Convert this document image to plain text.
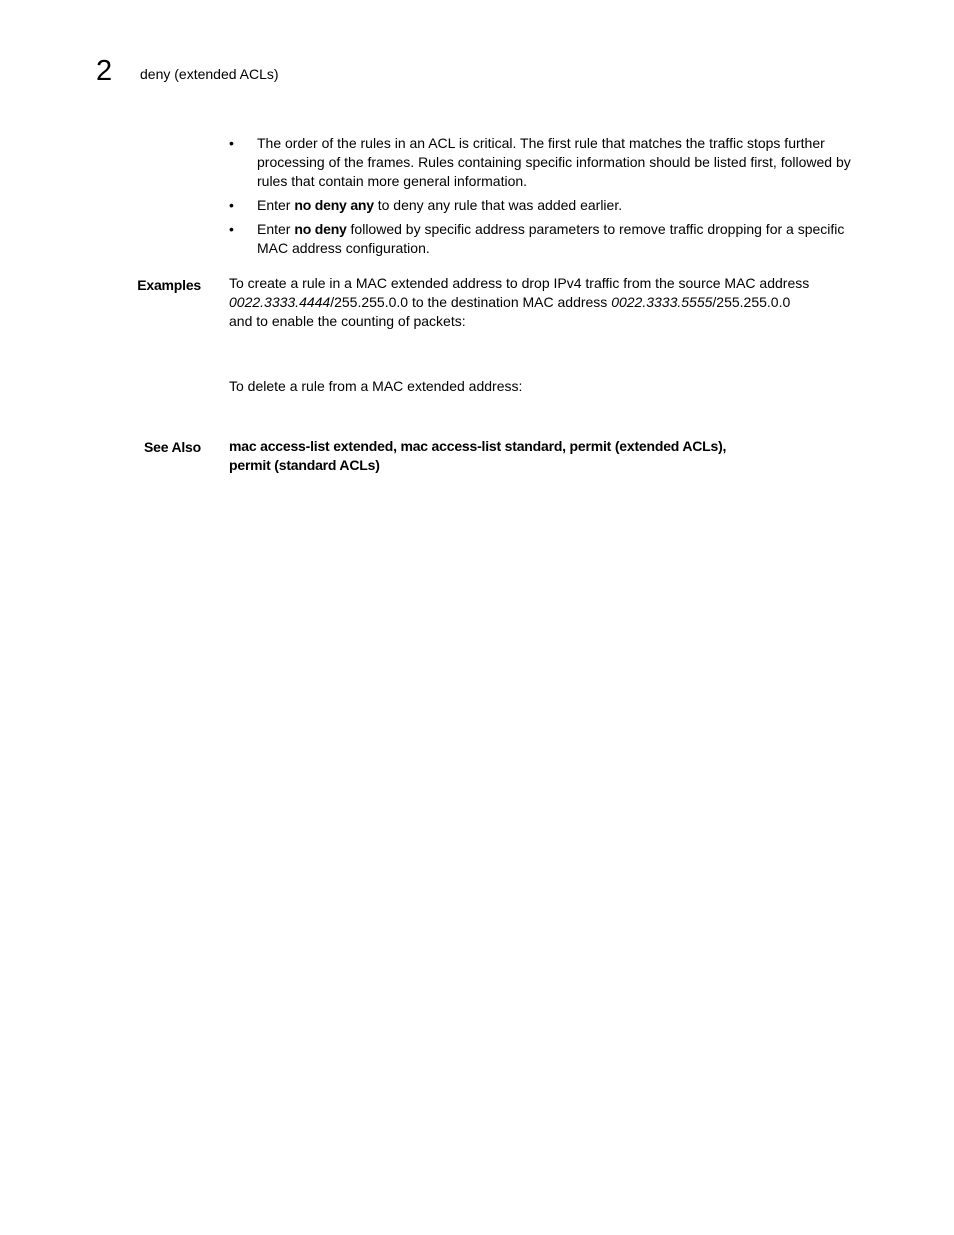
2 deny (extended ACLs)
•	The order of the rules in an ACL is critical. The first rule that matches the traffic stops further processing of the frames. Rules containing specific information should be listed first, followed by rules that contain more general information.
•	Enter no deny any to deny any rule that was added earlier.
•	Enter no deny followed by specific address parameters to remove traffic dropping for a specific MAC address configuration.
Examples To create a rule in a MAC extended address to drop IPv4 traffic from the source MAC address
0022.3333.4444/255.255.0.0 to the destination MAC address 0022.3333.5555/255.255.0.0
and to enable the counting of packets:
To delete a rule from a MAC extended address:
See Also mac access-list extended, mac access-list standard, permit (extended ACLs),
permit (standard ACLs)
